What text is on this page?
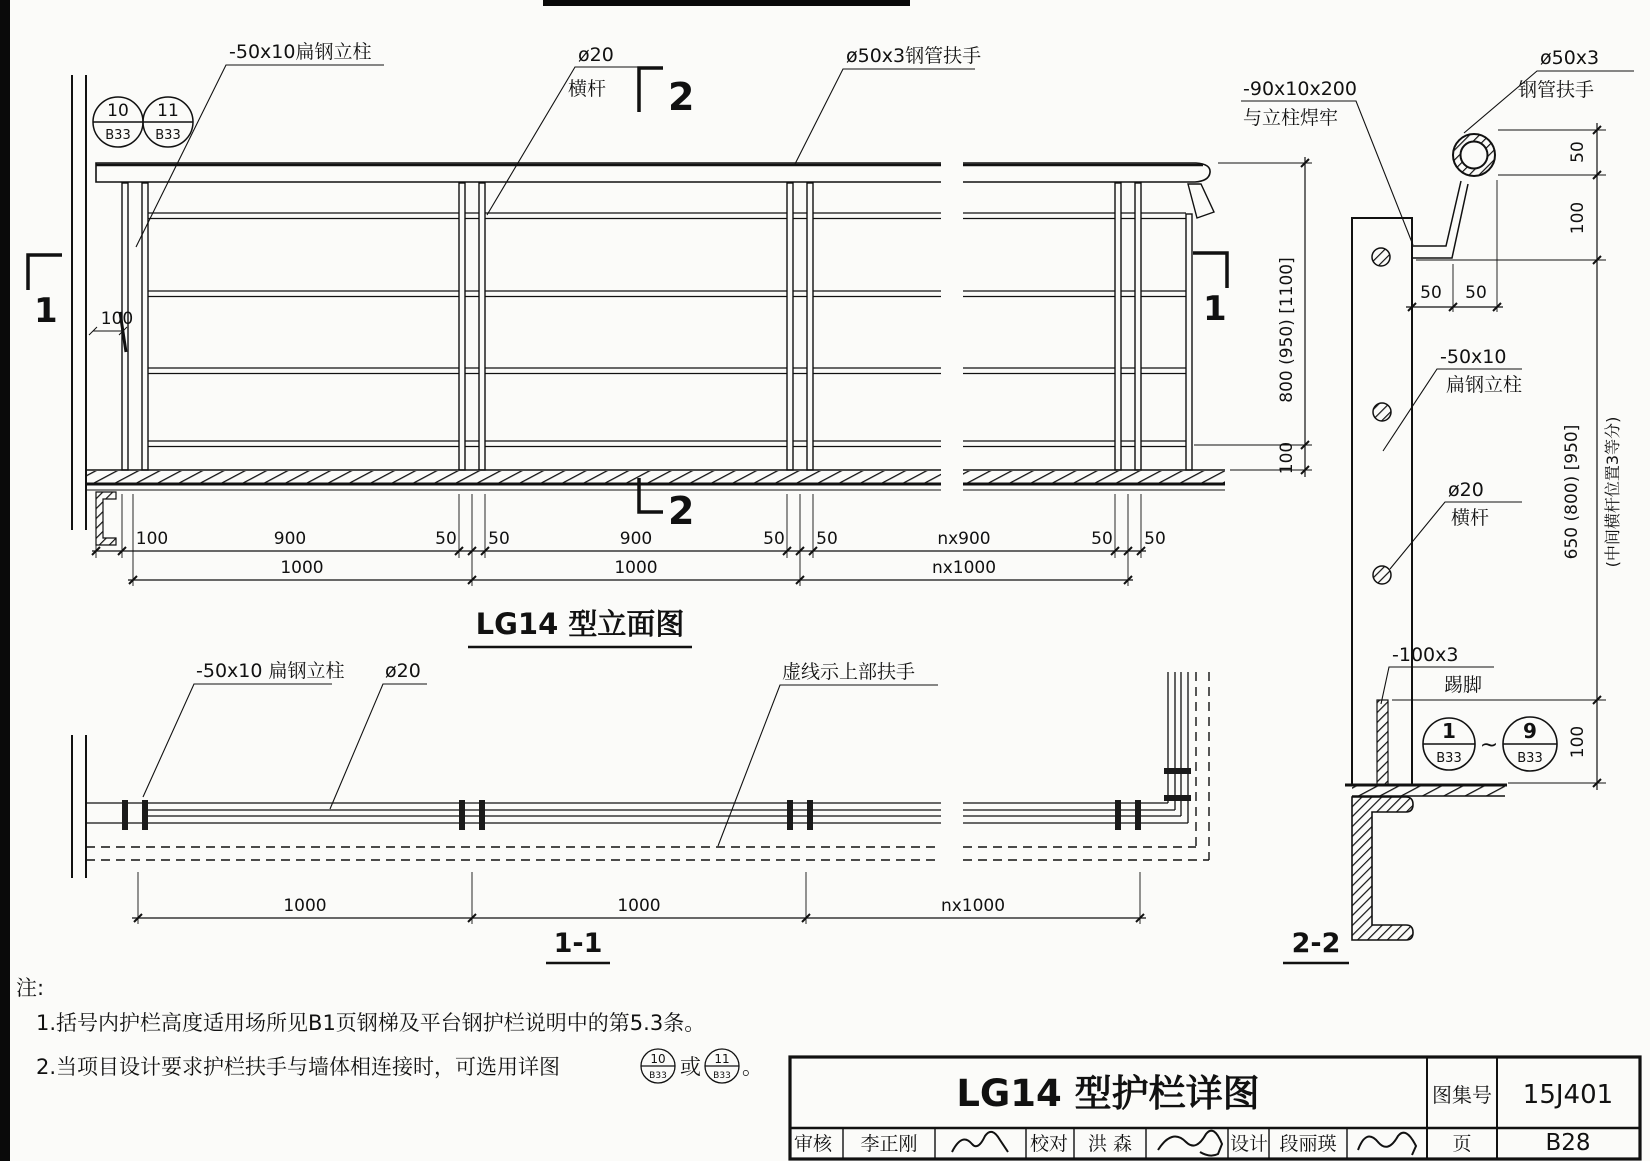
10
B33
11
B33
-50x10扁钢立柱	ø20
横杆
ø50x3钢管扶手
2
2
1	1
100
100	900	50 50	900	50 50	nx900	50 50
1000	1000	nx1000
800 (950) [1100]
100
LG14 型立面图
-50x10 扁钢立柱 ø20	虚线示上部扶手
1000	1000	nx1000
1-1
-90x10x200
与立柱焊牢
ø50x3
钢管扶手
-50x10
扁钢立柱
ø20
横杆
-100x3
踢脚
50 50
50
100
650 (800) [950] (中间横杆位置3等分)
100
1
B33
~
9
B33
2-2
注:
1.括号内护栏高度适用场所见B1页钢梯及平台钢护栏说明中的第5.3条。
2.当项目设计要求护栏扶手与墙体相连接时，可选用详图	10
B33 或 11
B33 。
LG14 型护栏详图	图集号 15J401
审核 李正刚	校对 洪 森	设计 段丽瑛	页	B28
